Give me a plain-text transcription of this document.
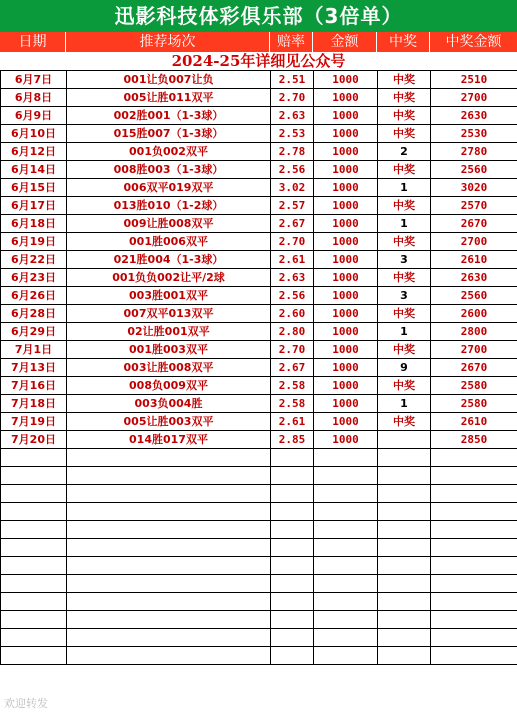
迅影科技体彩俱乐部（3倍单）
日期	推荐场次	赔率	金额	中奖	中奖金额
2024-25年详细见公众号
6月7日	001让负007让负	2.51	1000	中奖	2510
6月8日	005让胜011双平	2.70	1000	中奖	2700
6月9日	002胜001（1-3球）	2.63	1000	中奖	2630
6月10日	015胜007（1-3球）	2.53	1000	中奖	2530
6月12日	001负002双平	2.78	1000	2	2780
6月14日	008胜003（1-3球）	2.56	1000	中奖	2560
6月15日	006双平019双平	3.02	1000	1	3020
6月17日	013胜010（1-2球）	2.57	1000	中奖	2570
6月18日	009让胜008双平	2.67	1000	1	2670
6月19日	001胜006双平	2.70	1000	中奖	2700
6月22日	021胜004（1-3球）	2.61	1000	3	2610
6月23日	001负负002让平/2球	2.63	1000	中奖	2630
6月26日	003胜001双平	2.56	1000	3	2560
6月28日	007双平013双平	2.60	1000	中奖	2600
6月29日	02让胜001双平	2.80	1000	1	2800
7月1日	001胜003双平	2.70	1000	中奖	2700
7月13日	003让胜008双平	2.67	1000	9	2670
7月16日	008负009双平	2.58	1000	中奖	2580
7月18日	003负004胜	2.58	1000	1	2580
7月19日	005让胜003双平	2.61	1000	中奖	2610
7月20日	014胜017双平	2.85	1000		2850

欢迎转发
